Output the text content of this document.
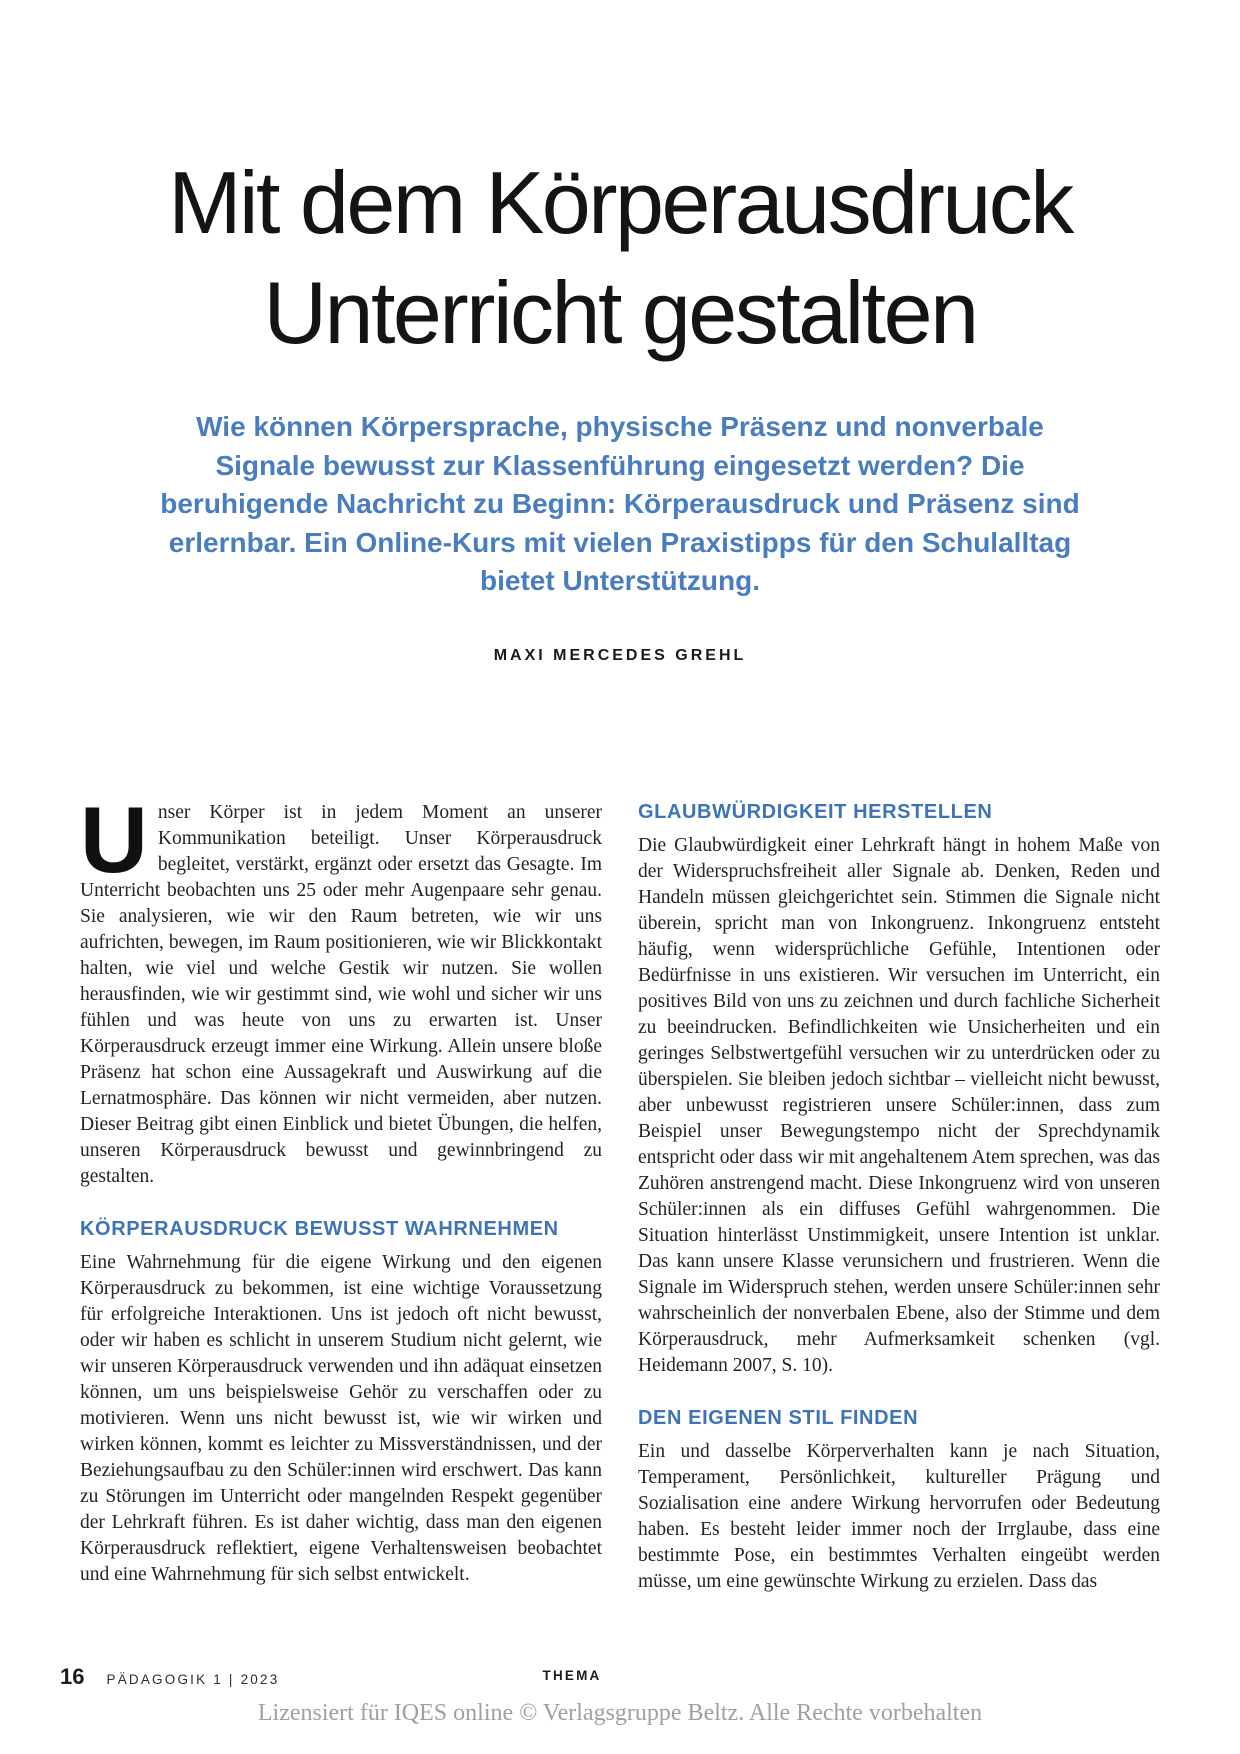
Mit dem Körperausdruck
Unterricht gestalten

Wie können Körpersprache, physische Präsenz und nonverbale Signale bewusst zur Klassenführung eingesetzt werden? Die beruhigende Nachricht zu Beginn: Körperausdruck und Präsenz sind erlernbar. Ein Online-Kurs mit vielen Praxistipps für den Schulalltag bietet Unterstützung.

MAXI MERCEDES GREHL

Unser Körper ist in jedem Moment an unserer Kommunikation beteiligt. Unser Körperausdruck begleitet, verstärkt, ergänzt oder ersetzt das Gesagte. Im Unterricht beobachten uns 25 oder mehr Augenpaare sehr genau. Sie analysieren, wie wir den Raum betreten, wie wir uns aufrichten, bewegen, im Raum positionieren, wie wir Blickkontakt halten, wie viel und welche Gestik wir nutzen. Sie wollen herausfinden, wie wir gestimmt sind, wie wohl und sicher wir uns fühlen und was heute von uns zu erwarten ist. Unser Körperausdruck erzeugt immer eine Wirkung. Allein unsere bloße Präsenz hat schon eine Aussagekraft und Auswirkung auf die Lernatmosphäre. Das können wir nicht vermeiden, aber nutzen. Dieser Beitrag gibt einen Einblick und bietet Übungen, die helfen, unseren Körperausdruck bewusst und gewinnbringend zu gestalten.

KÖRPERAUSDRUCK BEWUSST WAHRNEHMEN

Eine Wahrnehmung für die eigene Wirkung und den eigenen Körperausdruck zu bekommen, ist eine wichtige Voraussetzung für erfolgreiche Interaktionen. Uns ist jedoch oft nicht bewusst, oder wir haben es schlicht in unserem Studium nicht gelernt, wie wir unseren Körperausdruck verwenden und ihn adäquat einsetzen können, um uns beispielsweise Gehör zu verschaffen oder zu motivieren. Wenn uns nicht bewusst ist, wie wir wirken und wirken können, kommt es leichter zu Missverständnissen, und der Beziehungsaufbau zu den Schüler:innen wird erschwert. Das kann zu Störungen im Unterricht oder mangelnden Respekt gegenüber der Lehrkraft führen. Es ist daher wichtig, dass man den eigenen Körperausdruck reflektiert, eigene Verhaltensweisen beobachtet und eine Wahrnehmung für sich selbst entwickelt.

GLAUBWÜRDIGKEIT HERSTELLEN

Die Glaubwürdigkeit einer Lehrkraft hängt in hohem Maße von der Widerspruchsfreiheit aller Signale ab. Denken, Reden und Handeln müssen gleichgerichtet sein. Stimmen die Signale nicht überein, spricht man von Inkongruenz. Inkongruenz entsteht häufig, wenn widersprüchliche Gefühle, Intentionen oder Bedürfnisse in uns existieren. Wir versuchen im Unterricht, ein positives Bild von uns zu zeichnen und durch fachliche Sicherheit zu beeindrucken. Befindlichkeiten wie Unsicherheiten und ein geringes Selbstwertgefühl versuchen wir zu unterdrücken oder zu überspielen. Sie bleiben jedoch sichtbar – vielleicht nicht bewusst, aber unbewusst registrieren unsere Schüler:innen, dass zum Beispiel unser Bewegungstempo nicht der Sprechdynamik entspricht oder dass wir mit angehaltenem Atem sprechen, was das Zuhören anstrengend macht. Diese Inkongruenz wird von unseren Schüler:innen als ein diffuses Gefühl wahrgenommen. Die Situation hinterlässt Unstimmigkeit, unsere Intention ist unklar. Das kann unsere Klasse verunsichern und frustrieren. Wenn die Signale im Widerspruch stehen, werden unsere Schüler:innen sehr wahrscheinlich der nonverbalen Ebene, also der Stimme und dem Körperausdruck, mehr Aufmerksamkeit schenken (vgl. Heidemann 2007, S. 10).

DEN EIGENEN STIL FINDEN

Ein und dasselbe Körperverhalten kann je nach Situation, Temperament, Persönlichkeit, kultureller Prägung und Sozialisation eine andere Wirkung hervorrufen oder Bedeutung haben. Es besteht leider immer noch der Irrglaube, dass eine bestimmte Pose, ein bestimmtes Verhalten eingeübt werden müsse, um eine gewünschte Wirkung zu erzielen. Dass das

16 PÄDAGOGIK 1 | 2023	THEMA
Lizensiert für IQES online © Verlagsgruppe Beltz. Alle Rechte vorbehalten
